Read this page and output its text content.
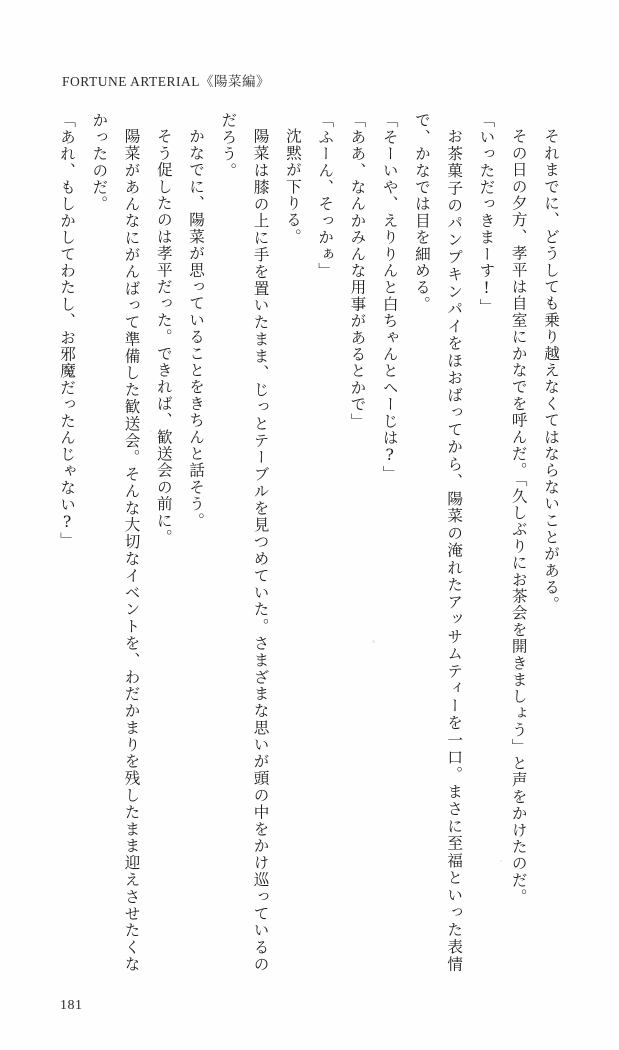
FORTUNE ARTERIAL《陽菜編》

それまでに、どうしても乗り越えなくてはならないことがある。

その日の夕方、孝平は自室にかなでを呼んだ。「久しぶりにお茶会を開きましょう」と声をかけたのだ。

「いっただっきまーす!」

お茶菓子のパンプキンパイをほおばってから、陽菜の淹れたアッサムティーを一口。まさに至福といった表情で、かなでは目を細める。

「そーいや、えりりんと白ちゃんとヘーじは?」

「ああ、なんかみんな用事があるとかで」

「ふーん、そっかぁ」

沈黙が下りる。

陽菜は膝の上に手を置いたまま、じっとテーブルを見つめていた。さまざまな思いが頭の中をかけ巡っているのだろう。

かなでに、陽菜が思っていることをきちんと話そう。

そう促したのは孝平だった。できれば、歓送会の前に。

陽菜があんなにがんばって準備した歓送会。そんな大切なイベントを、わだかまりを残したまま迎えさせたくなかったのだ。

「あれ、もしかしてわたし、お邪魔だったんじゃない?」

181
